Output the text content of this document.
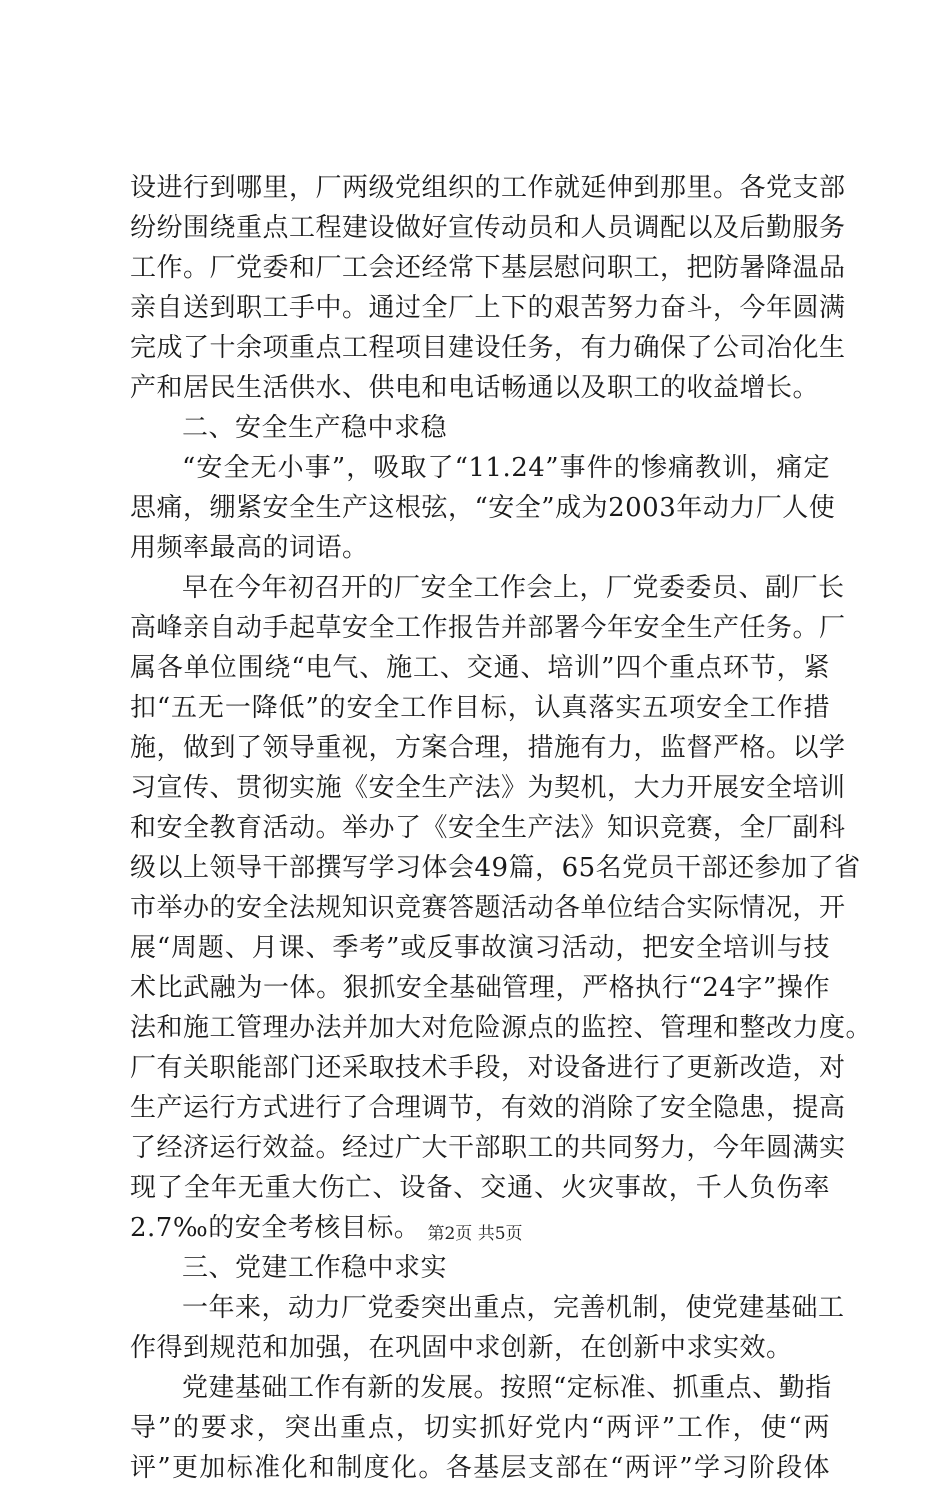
设进行到哪里，厂两级党组织的工作就延伸到那里。各党支部
纷纷围绕重点工程建设做好宣传动员和人员调配以及后勤服务
工作。厂党委和厂工会还经常下基层慰问职工，把防暑降温品
亲自送到职工手中。通过全厂上下的艰苦努力奋斗，今年圆满
完成了十余项重点工程项目建设任务，有力确保了公司冶化生
产和居民生活供水、供电和电话畅通以及职工的收益增长。
二、安全生产稳中求稳
“安全无小事”，吸取了“11.24”事件的惨痛教训，痛定
思痛，绷紧安全生产这根弦，“安全”成为2003年动力厂人使
用频率最高的词语。
早在今年初召开的厂安全工作会上，厂党委委员、副厂长
高峰亲自动手起草安全工作报告并部署今年安全生产任务。厂
属各单位围绕“电气、施工、交通、培训”四个重点环节，紧
扣“五无一降低”的安全工作目标，认真落实五项安全工作措
施，做到了领导重视，方案合理，措施有力，监督严格。以学
习宣传、贯彻实施《安全生产法》为契机，大力开展安全培训
和安全教育活动。举办了《安全生产法》知识竞赛，全厂副科
级以上领导干部撰写学习体会49篇，65名党员干部还参加了省
市举办的安全法规知识竞赛答题活动各单位结合实际情况，开
展“周题、月课、季考”或反事故演习活动，把安全培训与技
术比武融为一体。狠抓安全基础管理，严格执行“24字”操作
法和施工管理办法并加大对危险源点的监控、管理和整改力度。
厂有关职能部门还采取技术手段，对设备进行了更新改造，对
生产运行方式进行了合理调节，有效的消除了安全隐患，提高
了经济运行效益。经过广大干部职工的共同努力，今年圆满实
现了全年无重大伤亡、设备、交通、火灾事故，千人负伤率
2.7‰的安全考核目标。
三、党建工作稳中求实
一年来，动力厂党委突出重点，完善机制，使党建基础工
作得到规范和加强，在巩固中求创新，在创新中求实效。
党建基础工作有新的发展。按照“定标准、抓重点、勤指
导”的要求，突出重点，切实抓好党内“两评”工作，使“两
评”更加标准化和制度化。各基层支部在“两评”学习阶段体
第2页 共5页
